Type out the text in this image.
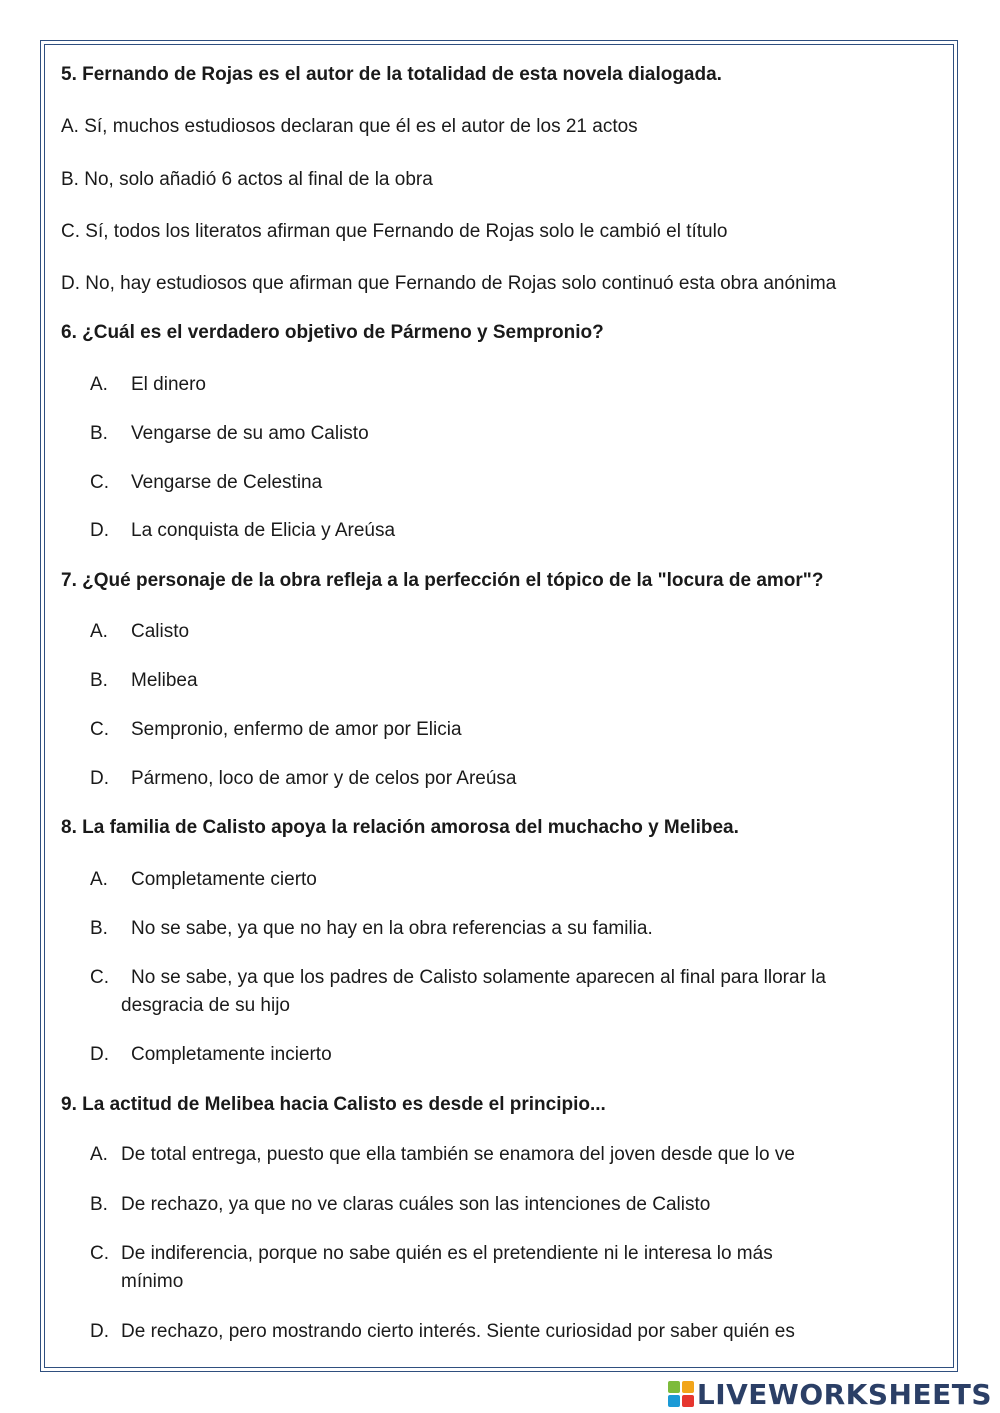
5. Fernando de Rojas es el autor de la totalidad de esta novela dialogada.
A. Sí, muchos estudiosos declaran que él es el autor de los 21 actos
B. No, solo añadió 6 actos al final de la obra
C. Sí, todos los literatos afirman que Fernando de Rojas solo le cambió el título
D. No, hay estudiosos que afirman que Fernando de Rojas solo continuó esta obra anónima
6. ¿Cuál es el verdadero objetivo de Pármeno y Sempronio?
A. El dinero
B. Vengarse de su amo Calisto
C. Vengarse de Celestina
D. La conquista de Elicia y Areúsa
7. ¿Qué personaje de la obra refleja a la perfección el tópico de la "locura de amor"?
A. Calisto
B. Melibea
C. Sempronio, enfermo de amor por Elicia
D. Pármeno, loco de amor y de celos por Areúsa
8. La familia de Calisto apoya la relación amorosa del muchacho y Melibea.
A. Completamente cierto
B. No se sabe, ya que no hay en la obra referencias a su familia.
C. No se sabe, ya que los padres de Calisto solamente aparecen al final para llorar la
desgracia de su hijo
D. Completamente incierto
9. La actitud de Melibea hacia Calisto es desde el principio...
A. De total entrega, puesto que ella también se enamora del joven desde que lo ve
B. De rechazo, ya que no ve claras cuáles son las intenciones de Calisto
C. De indiferencia, porque no sabe quién es el pretendiente ni le interesa lo más
mínimo
D. De rechazo, pero mostrando cierto interés. Siente curiosidad por saber quién es
LIVEWORKSHEETS
